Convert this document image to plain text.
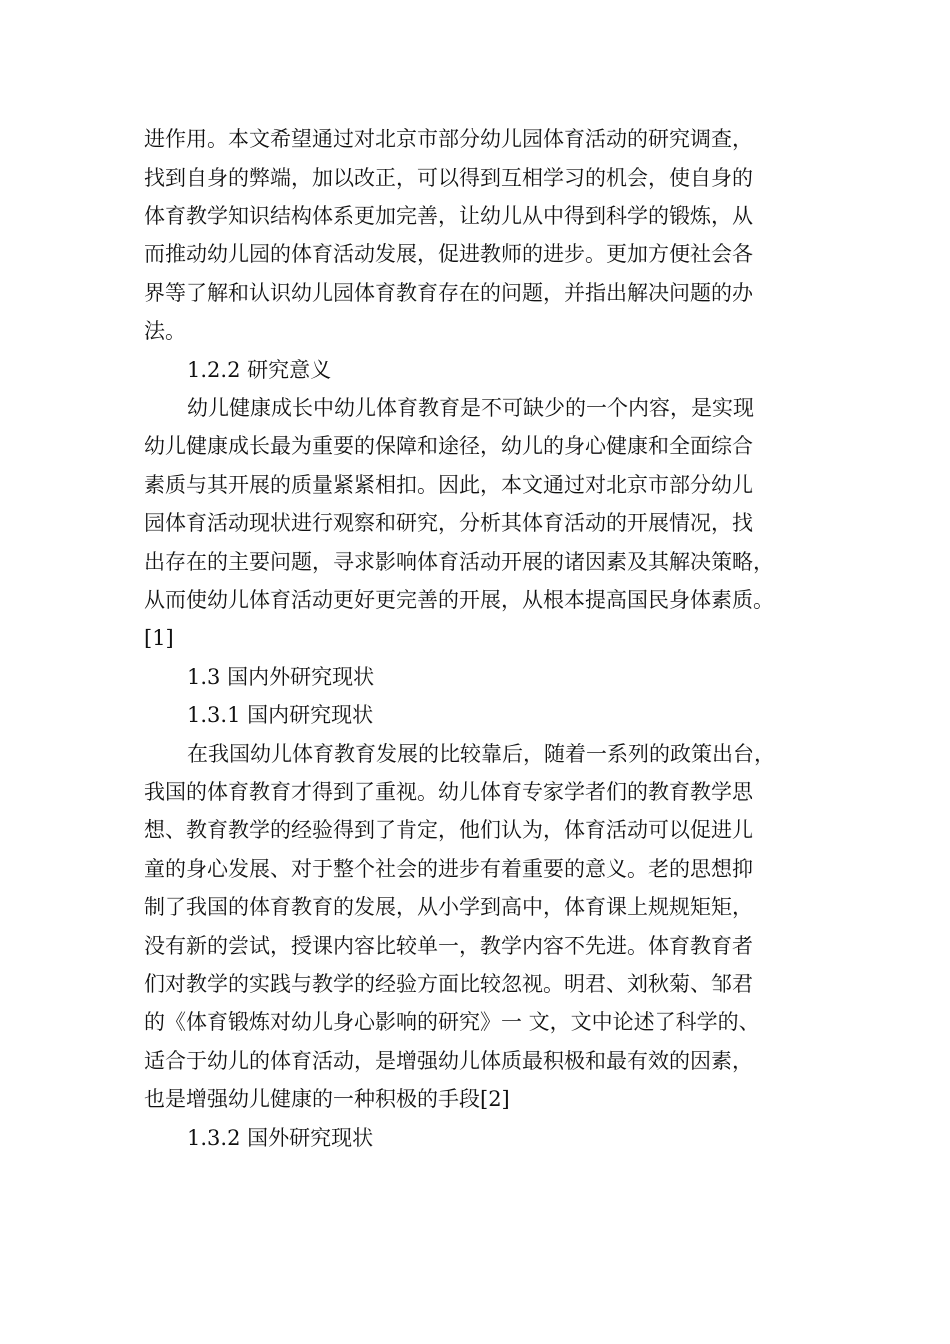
进作用。本文希望通过对北京市部分幼儿园体育活动的研究调查，
找到自身的弊端，加以改正，可以得到互相学习的机会，使自身的
体育教学知识结构体系更加完善，让幼儿从中得到科学的锻炼，从
而推动幼儿园的体育活动发展，促进教师的进步。更加方便社会各
界等了解和认识幼儿园体育教育存在的问题，并指出解决问题的办
法。
1.2.2 研究意义
幼儿健康成长中幼儿体育教育是不可缺少的一个内容，是实现
幼儿健康成长最为重要的保障和途径，幼儿的身心健康和全面综合
素质与其开展的质量紧紧相扣。因此，本文通过对北京市部分幼儿
园体育活动现状进行观察和研究，分析其体育活动的开展情况，找
出存在的主要问题，寻求影响体育活动开展的诸因素及其解决策略，
从而使幼儿体育活动更好更完善的开展，从根本提高国民身体素质。
[1]
1.3 国内外研究现状
1.3.1 国内研究现状
在我国幼儿体育教育发展的比较靠后，随着一系列的政策出台，
我国的体育教育才得到了重视。幼儿体育专家学者们的教育教学思
想、教育教学的经验得到了肯定，他们认为，体育活动可以促进儿
童的身心发展、对于整个社会的进步有着重要的意义。老的思想抑
制了我国的体育教育的发展，从小学到高中，体育课上规规矩矩，
没有新的尝试，授课内容比较单一，教学内容不先进。体育教育者
们对教学的实践与教学的经验方面比较忽视。明君、刘秋菊、邹君
的《体育锻炼对幼儿身心影响的研究》一 文，文中论述了科学的、
适合于幼儿的体育活动，是增强幼儿体质最积极和最有效的因素，
也是增强幼儿健康的一种积极的手段[2]
1.3.2 国外研究现状
